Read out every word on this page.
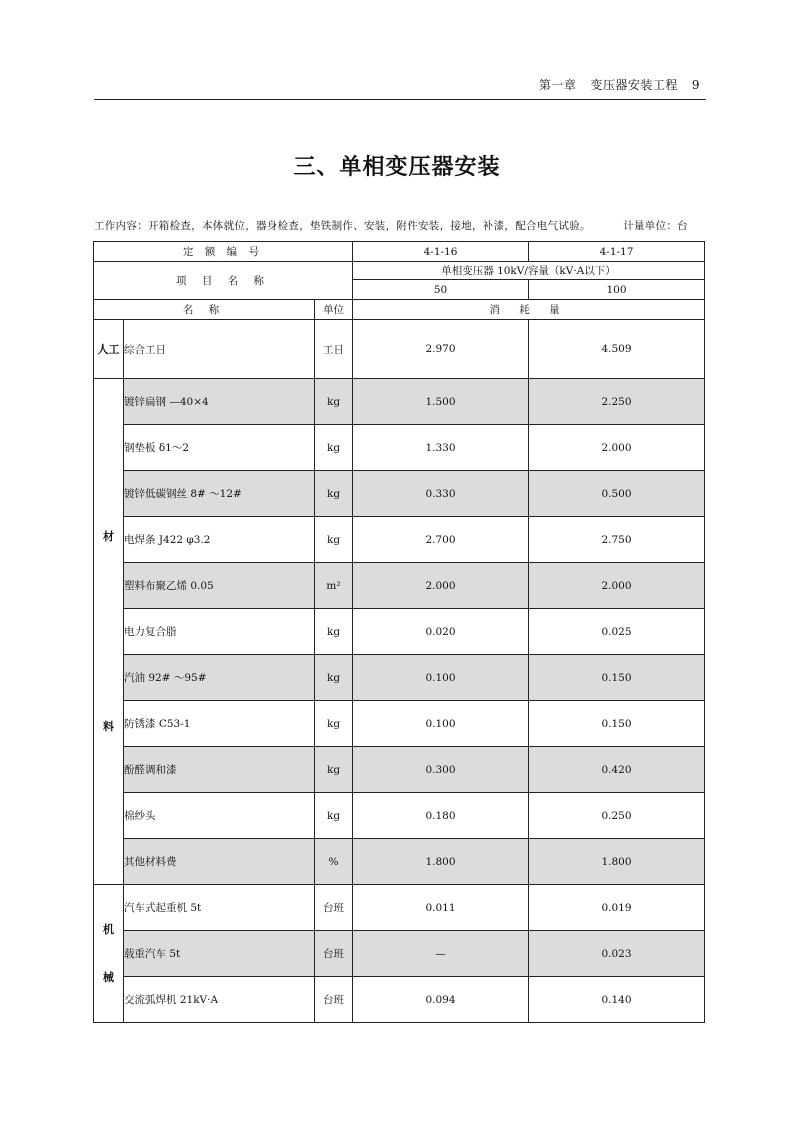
第一章 变压器安装工程 9
三、单相变压器安装
工作内容：开箱检查，本体就位，器身检查，垫铁制作、安装，附件安装，接地，补漆，配合电气试验。	计量单位：台
定 额 编 号			4-1-16	4-1-17
项 目 名 称			单相变压器 10kV/容量（kV·A以下）	
			50	100
名 称		单位	消 耗 量	
人工	综合工日	工日	2.970	4.509

材
料	镀锌扁钢 —40×4	kg	1.500	2.250
	钢垫板 δ1～2	kg	1.330	2.000
	镀锌低碳钢丝 8# ～12#	kg	0.330	0.500
	电焊条 J422 φ3.2	kg	2.700	2.750
	塑料布聚乙烯 0.05	m²	2.000	2.000
	电力复合脂	kg	0.020	0.025
	汽油 92# ～95#	kg	0.100	0.150
	防锈漆 C53-1	kg	0.100	0.150
	酚醛调和漆	kg	0.300	0.420
	棉纱头	kg	0.180	0.250
	其他材料费	%	1.800	1.800

机
械	汽车式起重机 5t	台班	0.011	0.019
	载重汽车 5t	台班	—	0.023
	交流弧焊机 21kV·A	台班	0.094	0.140
